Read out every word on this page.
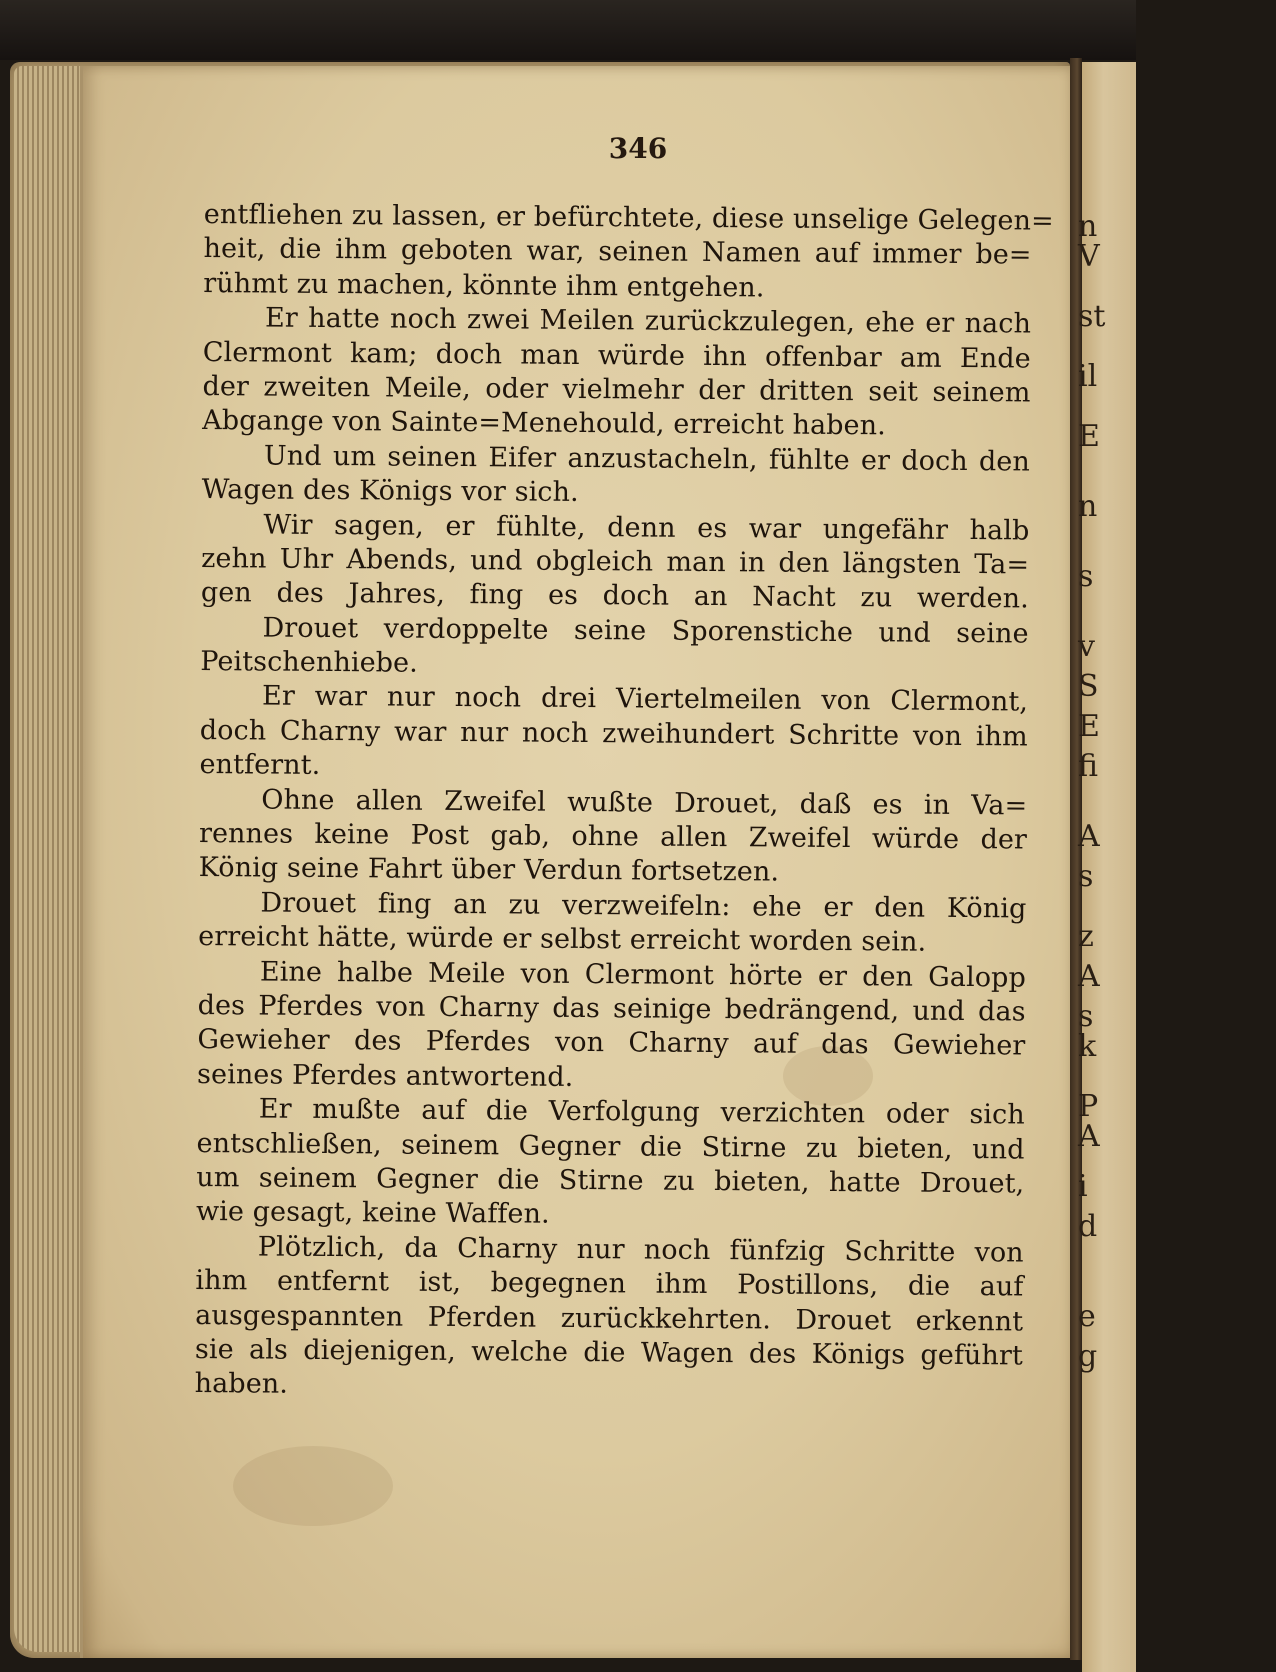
n
V
st
il
E
n
s
v
S
E
fi
A
s
z
A
s
k
P
A
i
d
e
g
346
entfliehen zu lassen, er befürchtete, diese unselige Gelegen=
heit, die ihm geboten war, seinen Namen auf immer be=
rühmt zu machen, könnte ihm entgehen.
Er hatte noch zwei Meilen zurückzulegen, ehe er nach
Clermont kam; doch man würde ihn offenbar am Ende
der zweiten Meile, oder vielmehr der dritten seit seinem
Abgange von Sainte=Menehould, erreicht haben.
Und um seinen Eifer anzustacheln, fühlte er doch den
Wagen des Königs vor sich.
Wir sagen, er fühlte, denn es war ungefähr halb
zehn Uhr Abends, und obgleich man in den längsten Ta=
gen des Jahres, fing es doch an Nacht zu werden.
Drouet verdoppelte seine Sporenstiche und seine
Peitschenhiebe.
Er war nur noch drei Viertelmeilen von Clermont,
doch Charny war nur noch zweihundert Schritte von ihm
entfernt.
Ohne allen Zweifel wußte Drouet, daß es in Va=
rennes keine Post gab, ohne allen Zweifel würde der
König seine Fahrt über Verdun fortsetzen.
Drouet fing an zu verzweifeln: ehe er den König
erreicht hätte, würde er selbst erreicht worden sein.
Eine halbe Meile von Clermont hörte er den Galopp
des Pferdes von Charny das seinige bedrängend, und das
Gewieher des Pferdes von Charny auf das Gewieher
seines Pferdes antwortend.
Er mußte auf die Verfolgung verzichten oder sich
entschließen, seinem Gegner die Stirne zu bieten, und
um seinem Gegner die Stirne zu bieten, hatte Drouet,
wie gesagt, keine Waffen.
Plötzlich, da Charny nur noch fünfzig Schritte von
ihm entfernt ist, begegnen ihm Postillons, die auf
ausgespannten Pferden zurückkehrten. Drouet erkennt
sie als diejenigen, welche die Wagen des Königs geführt
haben.
